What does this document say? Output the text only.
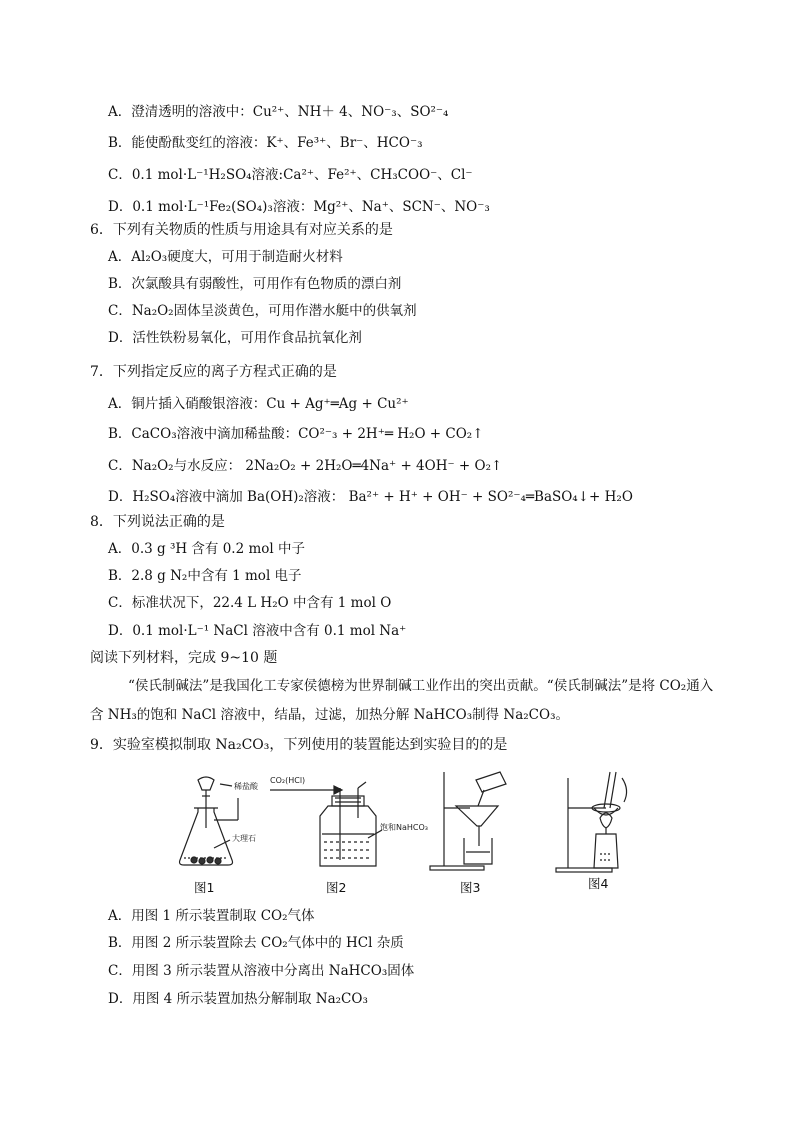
A．澄清透明的溶液中：Cu²⁺、NH＋ 4、NO⁻₃、SO²⁻₄
B．能使酚酞变红的溶液：K⁺、Fe³⁺、Br⁻、HCO⁻₃
C．0.1 mol·L⁻¹H₂SO₄溶液:Ca²⁺、Fe²⁺、CH₃COO⁻、Cl⁻
D．0.1 mol·L⁻¹Fe₂(SO₄)₃溶液：Mg²⁺、Na⁺、SCN⁻、NO⁻₃
6．下列有关物质的性质与用途具有对应关系的是
A．Al₂O₃硬度大，可用于制造耐火材料
B．次氯酸具有弱酸性，可用作有色物质的漂白剂
C．Na₂O₂固体呈淡黄色，可用作潜水艇中的供氧剂
D．活性铁粉易氧化，可用作食品抗氧化剂
7．下列指定反应的离子方程式正确的是
A．铜片插入硝酸银溶液：Cu + Ag⁺═Ag + Cu²⁺
B．CaCO₃溶液中滴加稀盐酸：CO²⁻₃ + 2H⁺═ H₂O + CO₂↑
C．Na₂O₂与水反应： 2Na₂O₂ + 2H₂O═4Na⁺ + 4OH⁻ + O₂↑
D．H₂SO₄溶液中滴加 Ba(OH)₂溶液： Ba²⁺ + H⁺ + OH⁻ + SO²⁻₄═BaSO₄↓+ H₂O
8．下列说法正确的是
A．0.3 g ³H 含有 0.2 mol 中子
B．2.8 g N₂中含有 1 mol 电子
C．标准状况下，22.4 L H₂O 中含有 1 mol O
D．0.1 mol·L⁻¹ NaCl 溶液中含有 0.1 mol Na⁺
阅读下列材料，完成 9~10 题
“侯氏制碱法”是我国化工专家侯德榜为世界制碱工业作出的突出贡献。“侯氏制碱法”是将 CO₂通入含 NH₃的饱和 NaCl 溶液中，结晶，过滤，加热分解 NaHCO₃制得 Na₂CO₃。
9．实验室模拟制取 Na₂CO₃，下列使用的装置能达到实验目的的是
稀盐酸
大理石
CO₂(HCl)
饱和NaHCO₃
图1	图2	图3	图4
A．用图 1 所示装置制取 CO₂气体
B．用图 2 所示装置除去 CO₂气体中的 HCl 杂质
C．用图 3 所示装置从溶液中分离出 NaHCO₃固体
D．用图 4 所示装置加热分解制取 Na₂CO₃
